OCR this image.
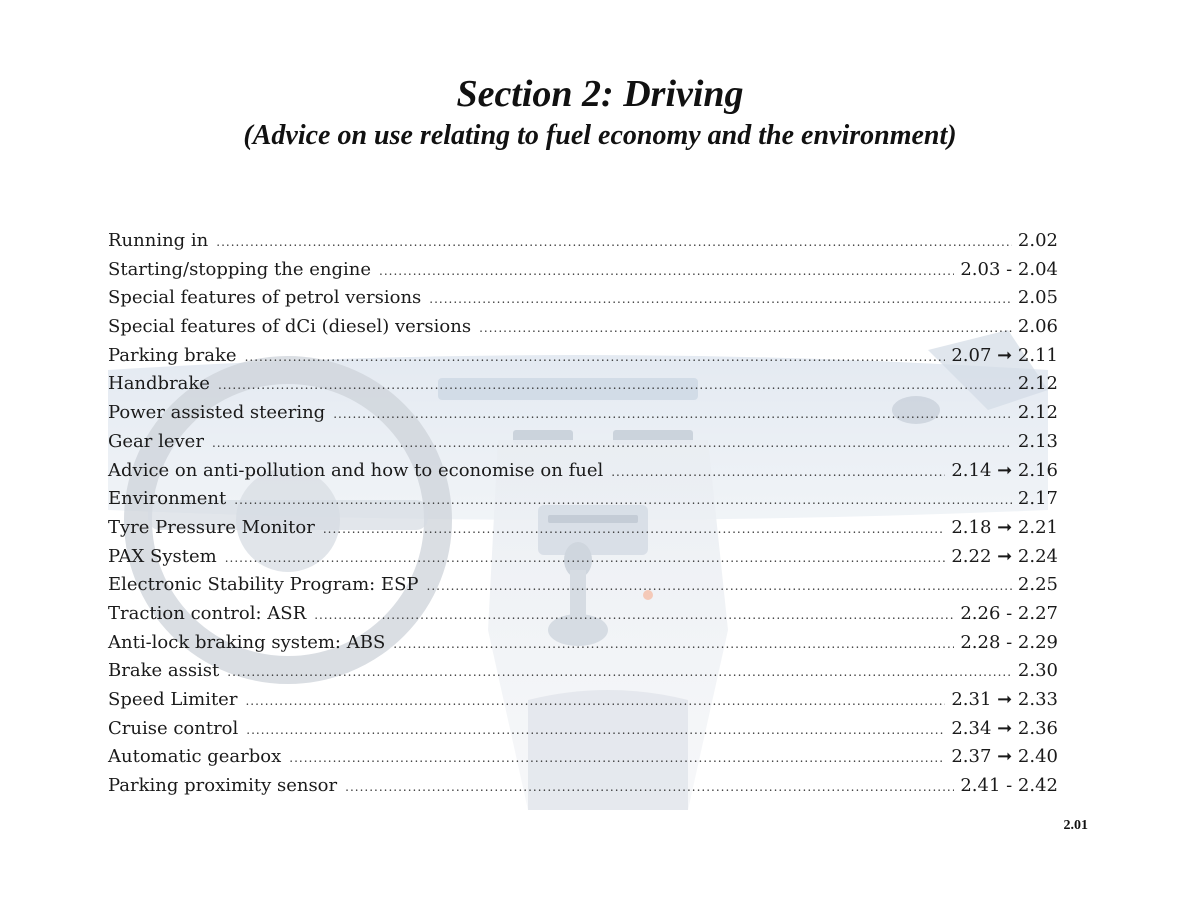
Section 2: Driving
(Advice on use relating to fuel economy and the environment)
Running in .....	2.02
Starting/stopping the engine .....	2.03 - 2.04
Special features of petrol versions .....	2.05
Special features of dCi (diesel) versions .....	2.06
Parking brake .....	2.07 ➞ 2.11
Handbrake .....	2.12
Power assisted steering .....	2.12
Gear lever .....	2.13
Advice on anti-pollution and how to economise on fuel .....	2.14 ➞ 2.16
Environment .....	2.17
Tyre Pressure Monitor .....	2.18 ➞ 2.21
PAX System .....	2.22 ➞ 2.24
Electronic Stability Program: ESP .....	2.25
Traction control: ASR .....	2.26 - 2.27
Anti-lock braking system: ABS .....	2.28 - 2.29
Brake assist .....	2.30
Speed Limiter .....	2.31 ➞ 2.33
Cruise control .....	2.34 ➞ 2.36
Automatic gearbox .....	2.37 ➞ 2.40
Parking proximity sensor .....	2.41 - 2.42
2.01
